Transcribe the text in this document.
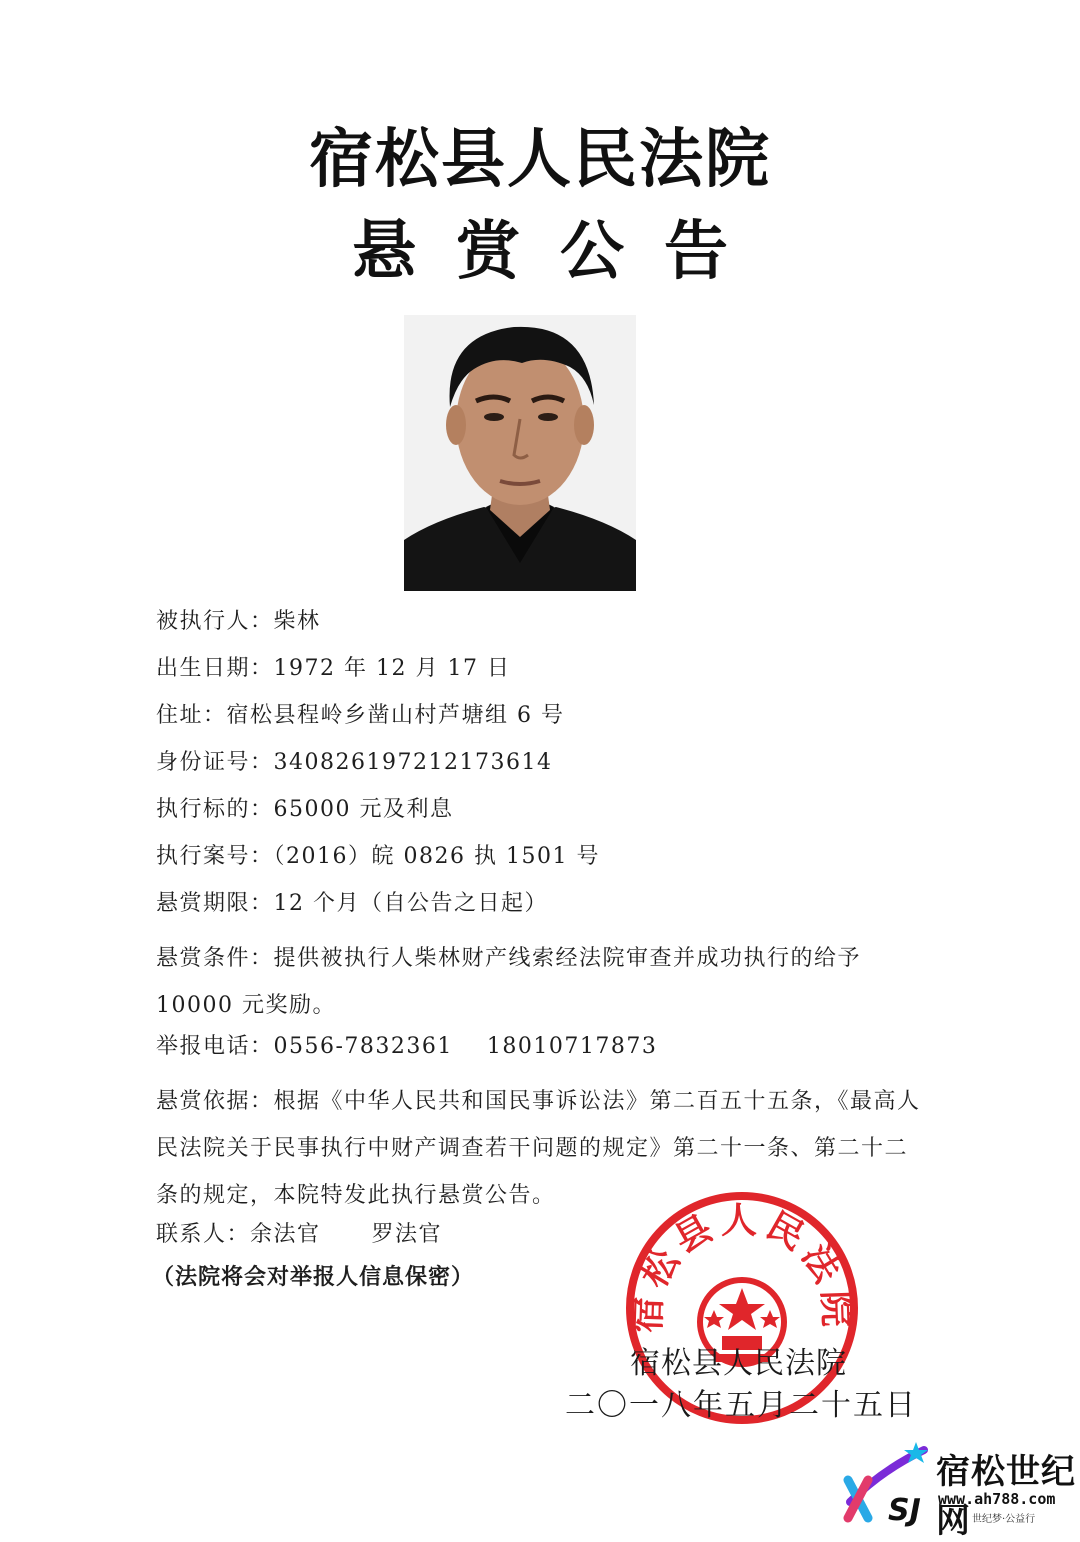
宿松县人民法院
悬赏公告
被执行人：柴林
出生日期：1972 年 12 月 17 日
住址：宿松县程岭乡凿山村芦塘组 6 号
身份证号：340826197212173614
执行标的：65000 元及利息
执行案号：（2016）皖 0826 执 1501 号
悬赏期限：12 个月（自公告之日起）
悬赏条件：提供被执行人柴林财产线索经法院审查并成功执行的给予 10000 元奖励。
举报电话：0556-7832361    18010717873
悬赏依据：根据《中华人民共和国民事诉讼法》第二百五十五条，《最高人民法院关于民事执行中财产调查若干问题的规定》第二十一条、第二十二条的规定，本院特发此执行悬赏公告。
联系人：余法官      罗法官
（法院将会对举报人信息保密）
宿松县人民法院
宿松县人民法院
二〇一八年五月二十五日
SJ
宿松世纪网
www.ah788.com
世纪梦·公益行
